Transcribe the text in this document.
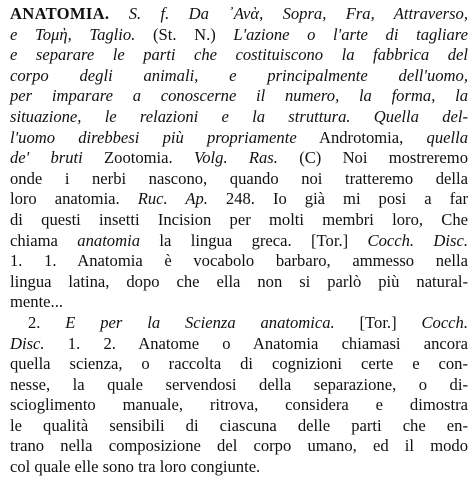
ANATOMIA. S. f. Da ᾿Ανὰ, Sopra, Fra, Attraverso,
e Τομὴ, Taglio. (St. N.) L'azione o l'arte di tagliare
e separare le parti che costituiscono la fabbrica del
corpo degli animali, e principalmente dell'uomo,
per imparare a conoscerne il numero, la forma, la
situazione, le relazioni e la struttura. Quella del-
l'uomo direbbesi più propriamente Androtomia, quella
de' bruti Zootomia. Volg. Ras. (C) Noi mostreremo
onde i nerbi nascono, quando noi tratteremo della
loro anatomia. Ruc. Ap. 248. Io già mi posi a far
di questi insetti Incision per molti membri loro, Che
chiama anatomia la lingua greca. [Tor.] Cocch. Disc.
1. 1. Anatomia è vocabolo barbaro, ammesso nella
lingua latina, dopo che ella non si parlò più natural-
mente...
2. E per la Scienza anatomica. [Tor.] Cocch.
Disc. 1. 2. Anatome o Anatomia chiamasi ancora
quella scienza, o raccolta di cognizioni certe e con-
nesse, la quale servendosi della separazione, o di-
scioglimento manuale, ritrova, considera e dimostra
le qualità sensibili di ciascuna delle parti che en-
trano nella composizione del corpo umano, ed il modo
col quale elle sono tra loro congiunte.
